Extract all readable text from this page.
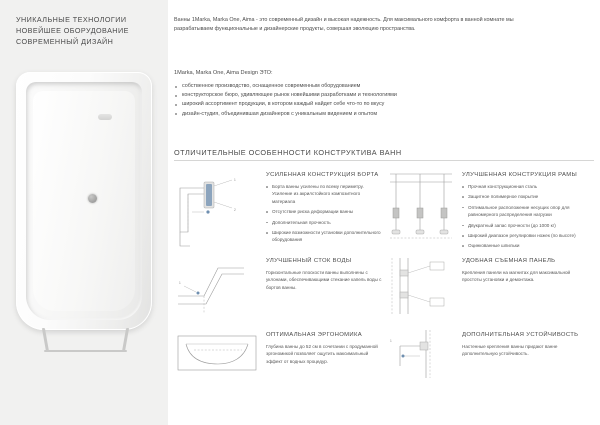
УНИКАЛЬНЫЕ ТЕХНОЛОГИИ
НОВЕЙШЕЕ ОБОРУДОВАНИЕ
СОВРЕМЕННЫЙ ДИЗАЙН

Ванны 1Marka, Marka One, Aima - это современный дизайн и высокая надежность. Для максимального комфорта в ванной комнате мы разрабатываем функциональные и дизайнерские продукты, совершая эволюцию пространства.

1Marka, Marka One, Aima Design ЭТО:
собственное производство, оснащенное современным оборудованием
конструкторское бюро, удивляющее рынок новейшими разработками и технологиями
широкий ассортимент продукции, в котором каждый найдет себе что-то по вкусу
дизайн-студия, объединившая дизайнеров с уникальным видением и опытом
ОТЛИЧИТЕЛЬНЫЕ ОСОБЕННОСТИ КОНСТРУКТИВА ВАНН
1
2
УСИЛЕННАЯ КОНСТРУКЦИЯ БОРТА
Борта ванны усилены по всему периметру. Усиление из акрилстойкого композитного материала
Отсутствие риска деформации ванны
Дополнительная прочность
Широкие возможности установки дополнительного оборудования
УЛУЧШЕННАЯ КОНСТРУКЦИЯ РАМЫ
Прочная конструкционная сталь
Защитное полимерное покрытие
Оптимальное расположение несущих опор для равномерного распределения нагрузки
Двукратный запас прочности (до 1000 кг)
Широкий диапазон регулировки ножек (по высоте)
Оцинкованные шпильки
1
УЛУЧШЕННЫЙ СТОК ВОДЫ

Горизонтальные плоскости ванны выполнены с уклонами, обеспечивающими стекание капель воды с бортов ванны.

УДОБНАЯ СЪЕМНАЯ ПАНЕЛЬ

Крепления панели на магнитах для максимальной простоты установки и демонтажа.

ОПТИМАЛЬНАЯ ЭРГОНОМИКА

Глубина ванны до 52 см в сочетании с продуманной эргономикой позволяет ощутить максимальный эффект от водных процедур.

1
ДОПОЛНИТЕЛЬНАЯ УСТОЙЧИВОСТЬ

Настенные крепления ванны придают ванне дополнительную устойчивость.
